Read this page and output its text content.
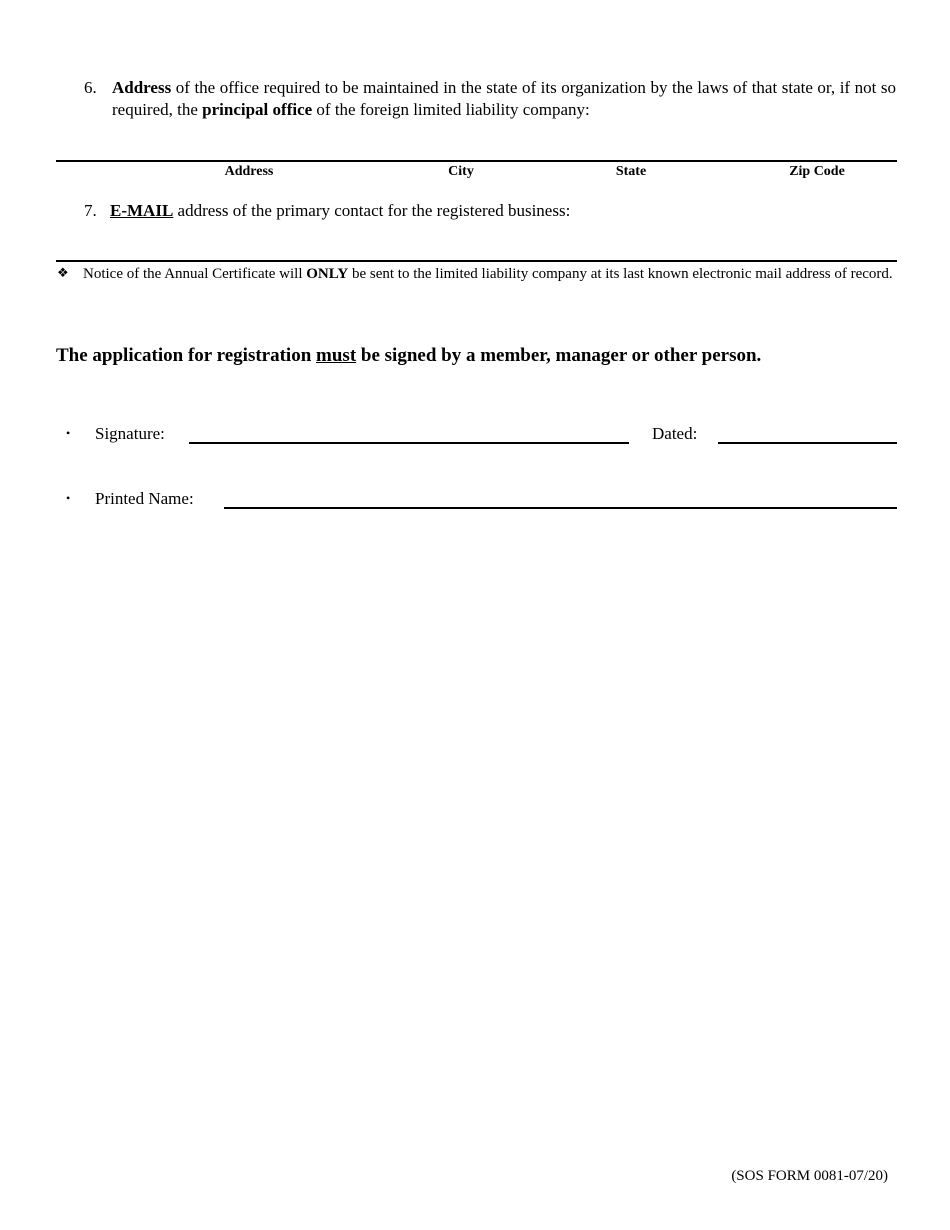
6. Address of the office required to be maintained in the state of its organization by the laws of that state or, if not so required, the principal office of the foreign limited liability company:
Address	City	State	Zip Code
7. E-MAIL address of the primary contact for the registered business:
❖ Notice of the Annual Certificate will ONLY be sent to the limited liability company at its last known electronic mail address of record.
The application for registration must be signed by a member, manager or other person.
• Signature:	Dated:
• Printed Name:
(SOS FORM 0081-07/20)
